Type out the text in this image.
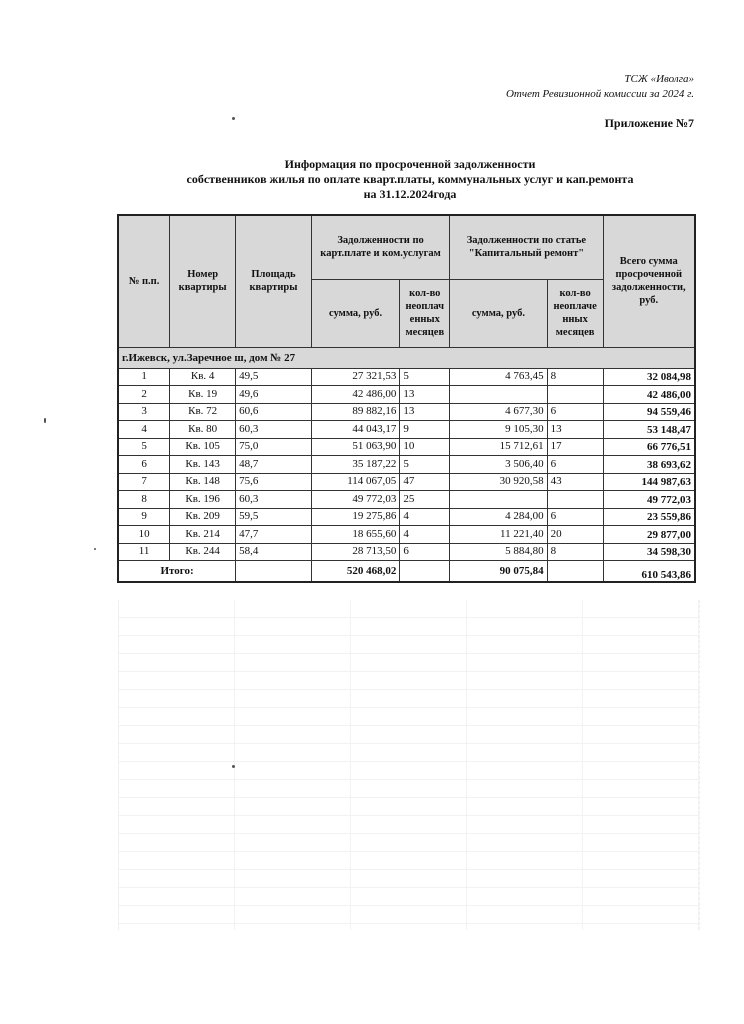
ТСЖ «Иволга»
Отчет Ревизионной комиссии за 2024 г.
Приложение №7
Информация по просроченной задолженности
собственников жилья по оплате кварт.платы, коммунальных услуг и кап.ремонта
на 31.12.2024года
№ п.п.	Номер квартиры	Площадь квартиры	Задолженности по карт.плате и ком.услугам		Задолженности по статье "Капитальный ремонт"		Всего сумма просроченной задолженности, руб.
			сумма, руб.	кол-во неоплач енных месяцев	сумма, руб.	кол-во неоплаче нных месяцев	
г.Ижевск, ул.Заречное ш, дом № 27							
1	Кв. 4	49,5	27 321,53	5	4 763,45	8	32 084,98
2	Кв. 19	49,6	42 486,00	13			42 486,00
3	Кв. 72	60,6	89 882,16	13	4 677,30	6	94 559,46
4	Кв. 80	60,3	44 043,17	9	9 105,30	13	53 148,47
5	Кв. 105	75,0	51 063,90	10	15 712,61	17	66 776,51
6	Кв. 143	48,7	35 187,22	5	3 506,40	6	38 693,62
7	Кв. 148	75,6	114 067,05	47	30 920,58	43	144 987,63
8	Кв. 196	60,3	49 772,03	25			49 772,03
9	Кв. 209	59,5	19 275,86	4	4 284,00	6	23 559,86
10	Кв. 214	47,7	18 655,60	4	11 221,40	20	29 877,00
11	Кв. 244	58,4	28 713,50	6	5 884,80	8	34 598,30
Итого:			520 468,02		90 075,84		610 543,86
